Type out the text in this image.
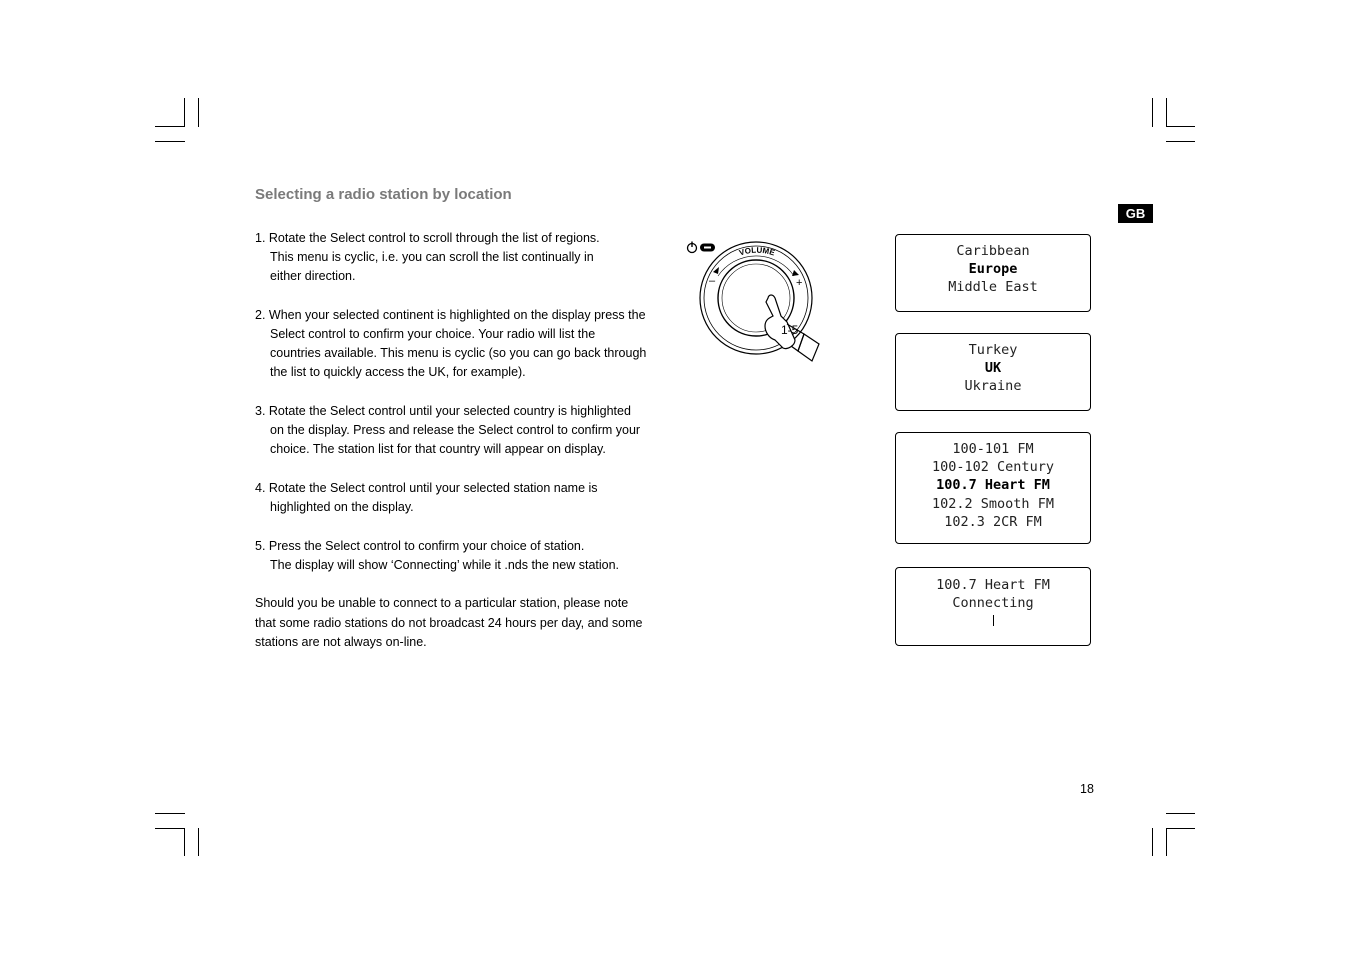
Selecting a radio station by location
1. Rotate the Select control to scroll through the list of regions.
This menu is cyclic, i.e. you can scroll the list continually in
either direction.
2. When your selected continent is highlighted on the display press the
Select control to confirm your choice. Your radio will list the
countries available. This menu is cyclic (so you can go back through
the list to quickly access the UK, for example).
3. Rotate the Select control until your selected country is highlighted
on the display. Press and release the Select control to confirm your
choice. The station list for that country will appear on display.
4. Rotate the Select control until your selected station name is
highlighted on the display.
5. Press the Select control to confirm your choice of station.
The display will show ‘Connecting’ while it .nds the new station.
Should you be unable to connect to a particular station, please note
that some radio stations do not broadcast 24 hours per day, and some
stations are not always on-line.
VOLUME
–	+
1-5
GB
Caribbean
Europe
Middle East
Turkey
UK
Ukraine
100-101 FM
100-102 Century
100.7 Heart FM
102.2 Smooth FM
102.3 2CR FM
100.7 Heart FM
Connecting
18
